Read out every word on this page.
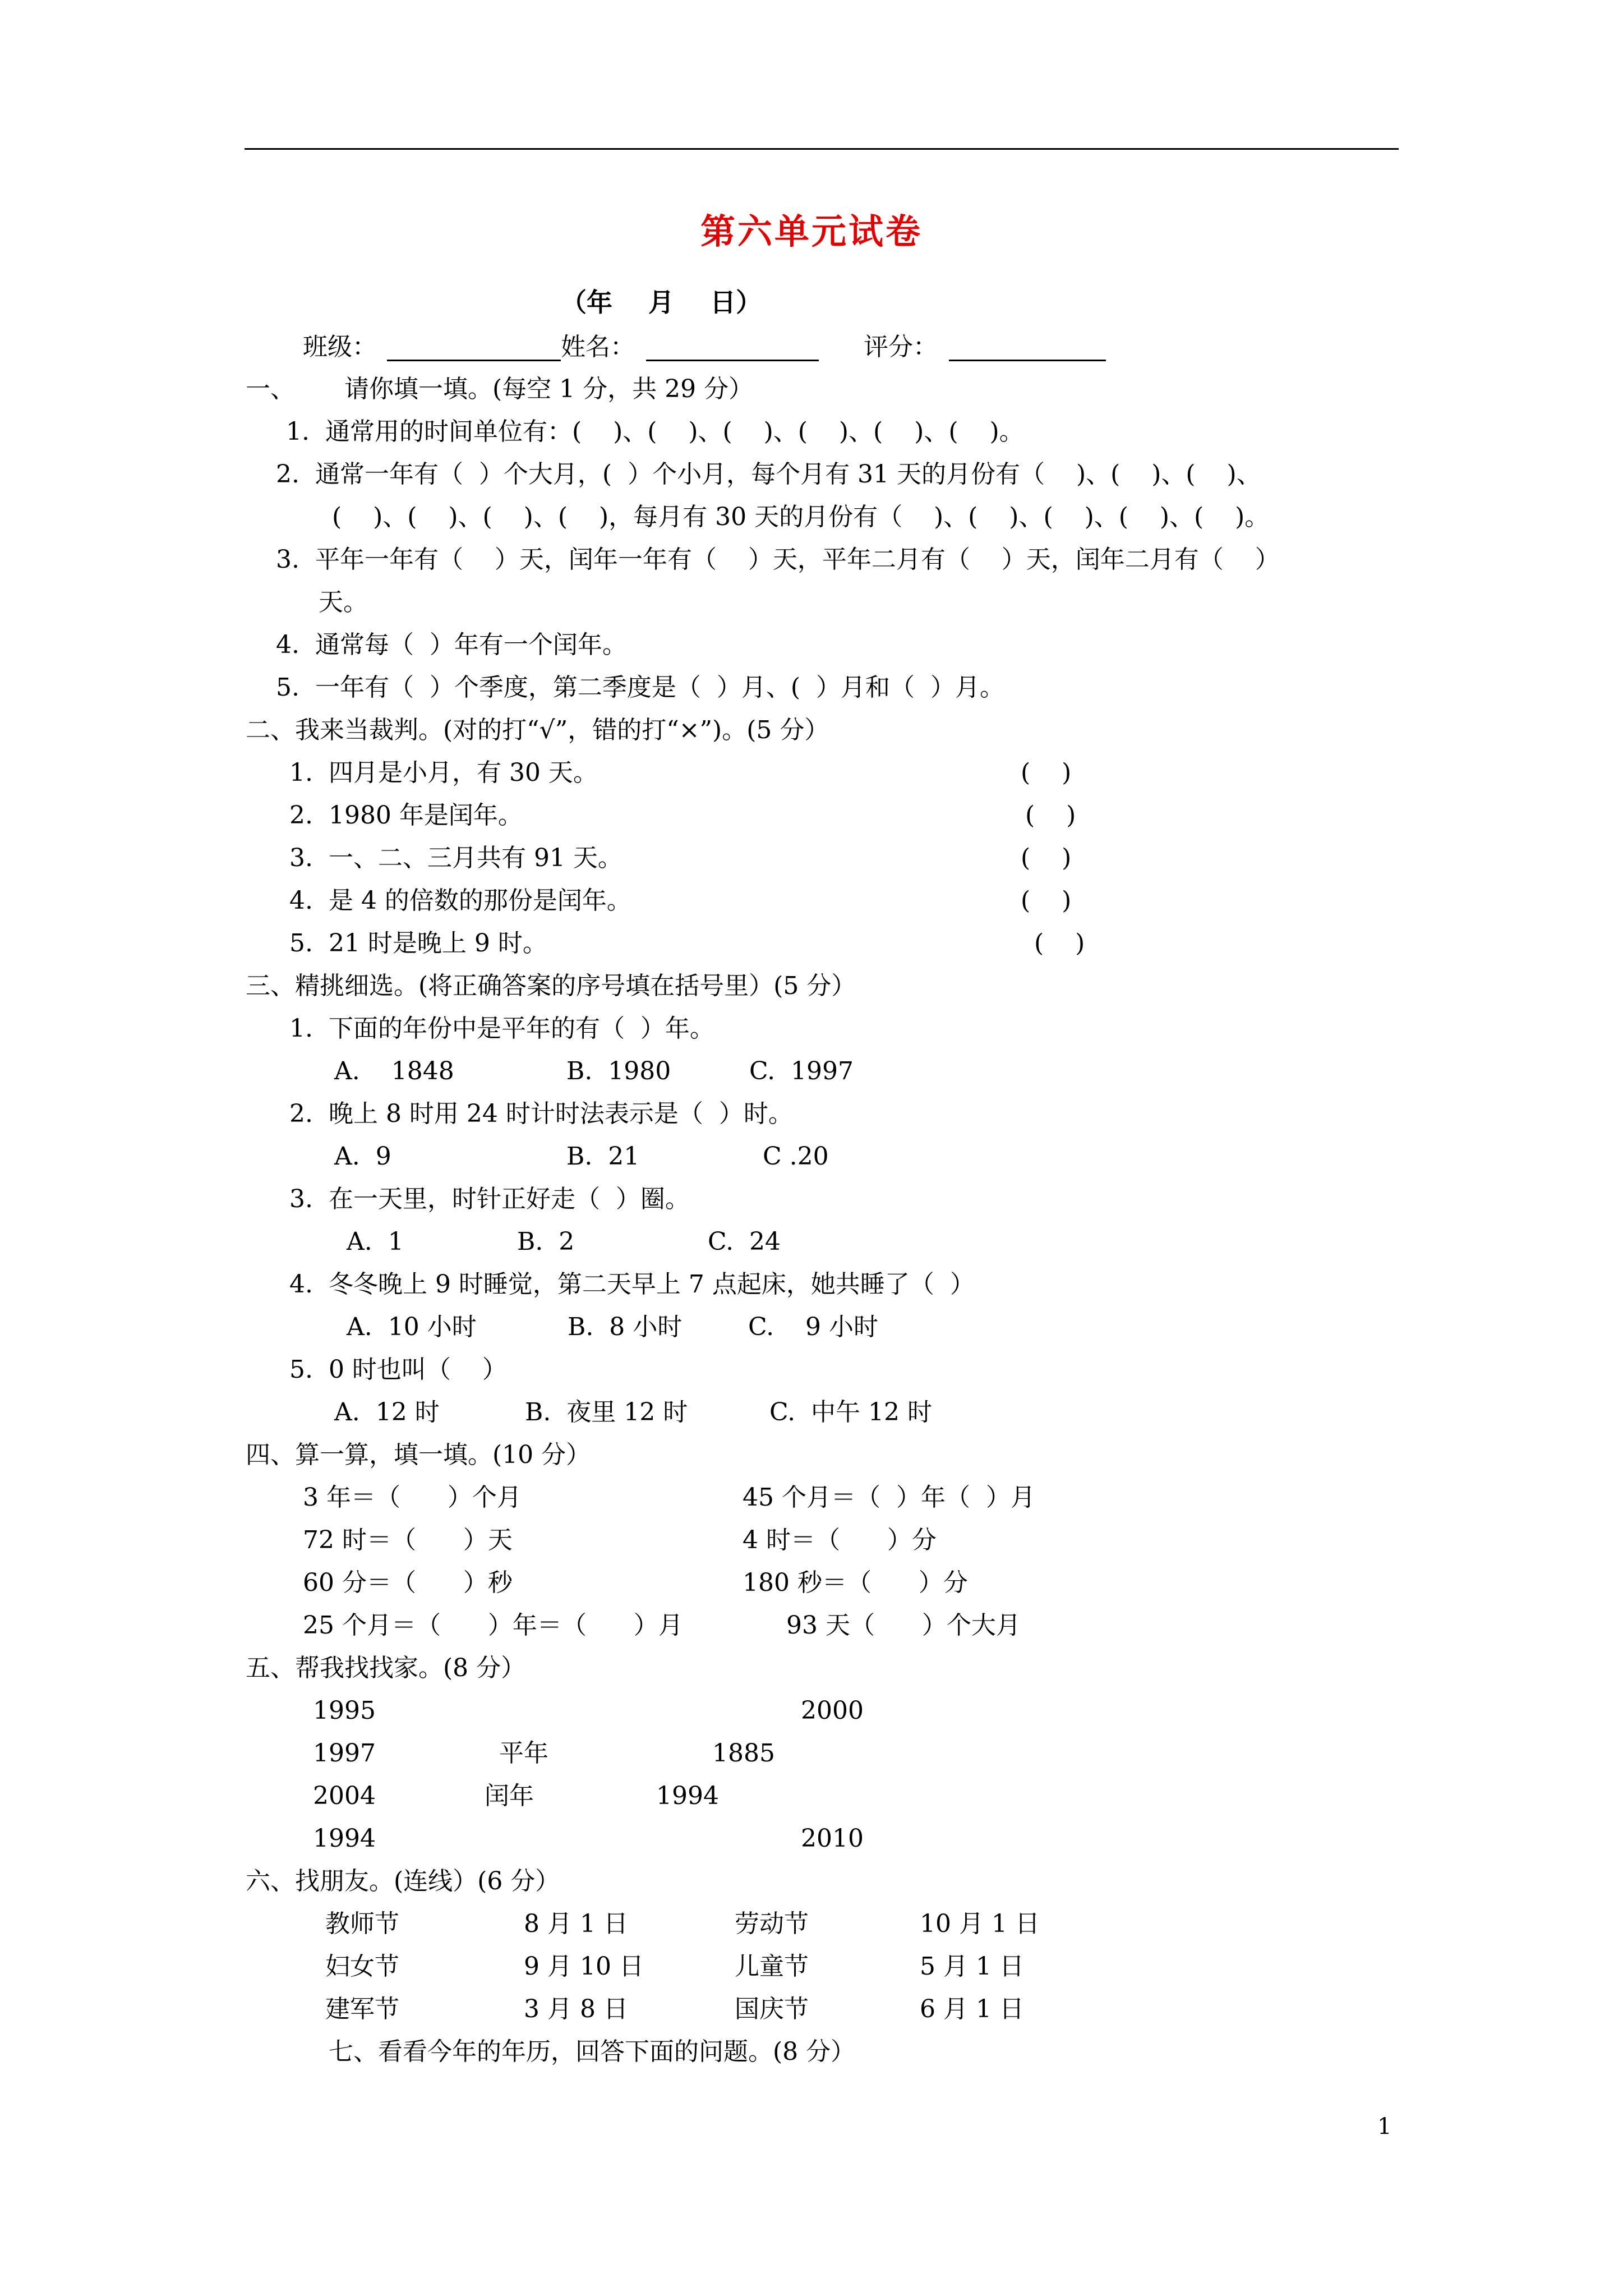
第六单元试卷
（年    月    日）
班级：	姓名：	评分：
一、 请你填一填。(每空 1 分，共 29 分）
1.  通常用的时间单位有：(    )、(    )、(    )、(    )、(    )、(    )。
2.  通常一年有（  ）个大月，(  ）个小月，每个月有 31 天的月份有（    )、(    )、(    )、
(    )、(    )、(    )、(    )，每月有 30 天的月份有（    )、(    )、(    )、(    )、(    )。
3.  平年一年有（    ）天，闰年一年有（    ）天，平年二月有（    ）天，闰年二月有（    ）
天。
4.  通常每（  ）年有一个闰年。
5.  一年有（  ）个季度，第二季度是（  ）月、(  ）月和（  ）月。
二、我来当裁判。(对的打“√”，错的打“×”)。(5 分）
1.  四月是小月，有 30 天。	(    )
2.  1980 年是闰年。	(    )
3.  一、二、三月共有 91 天。	(    )
4.  是 4 的倍数的那份是闰年。	(    )
5.  21 时是晚上 9 时。	(    )
三、精挑细选。(将正确答案的序号填在括号里）(5 分）
1.  下面的年份中是平年的有（  ）年。
A.    1848	B.  1980	C.  1997
2.  晚上 8 时用 24 时计时法表示是（  ）时。
A.  9	B.  21	C .20
3.  在一天里，时针正好走（  ）圈。
A.  1	B.  2	C.  24
4.  冬冬晚上 9 时睡觉，第二天早上 7 点起床，她共睡了（  ）
A.  10 小时	B.  8 小时	C.    9 小时
5.  0 时也叫（    ）
A.  12 时	B.  夜里 12 时	C.  中午 12 时
四、算一算，填一填。(10 分）
3 年＝（      ）个月	45 个月＝（  ）年（  ）月
72 时＝（      ）天	4 时＝（      ）分
60 分＝（      ）秒	180 秒＝（      ）分
25 个月＝（      ）年＝（      ）月	93 天（      ）个大月
五、帮我找找家。(8 分）
1995	2000
1997	平年	1885
2004	闰年	1994
1994	2010
六、找朋友。(连线）(6 分）
教师节	8 月 1 日	劳动节	10 月 1 日
妇女节	9 月 10 日	儿童节	5 月 1 日
建军节	3 月 8 日	国庆节	6 月 1 日
七、看看今年的年历，回答下面的问题。(8 分）
1
